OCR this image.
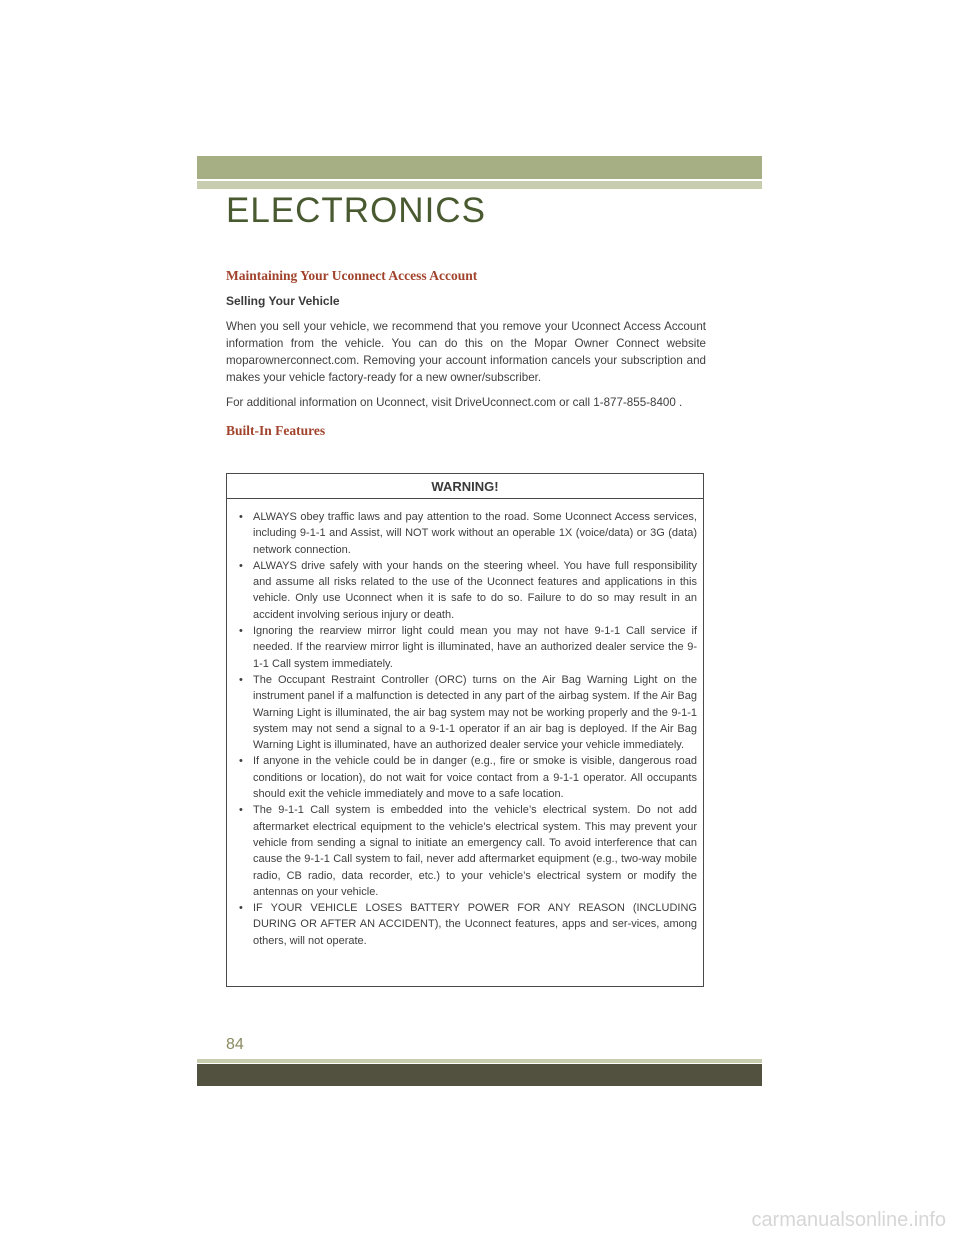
ELECTRONICS
Maintaining Your Uconnect Access Account
Selling Your Vehicle

When you sell your vehicle, we recommend that you remove your Uconnect Access Account information from the vehicle. You can do this on the Mopar Owner Connect website moparownerconnect.com. Removing your account information cancels your subscription and makes your vehicle factory-ready for a new owner/subscriber.

For additional information on Uconnect, visit DriveUconnect.com or call 1-877-855-8400 .

Built-In Features
WARNING!
• ALWAYS obey traffic laws and pay attention to the road. Some Uconnect Access services, including 9-1-1 and Assist, will NOT work without an operable 1X (voice/data) or 3G (data) network connection.
• ALWAYS drive safely with your hands on the steering wheel. You have full responsibility and assume all risks related to the use of the Uconnect features and applications in this vehicle. Only use Uconnect when it is safe to do so. Failure to do so may result in an accident involving serious injury or death.
• Ignoring the rearview mirror light could mean you may not have 9-1-1 Call service if needed. If the rearview mirror light is illuminated, have an authorized dealer service the 9-1-1 Call system immediately.
• The Occupant Restraint Controller (ORC) turns on the Air Bag Warning Light on the instrument panel if a malfunction is detected in any part of the airbag system. If the Air Bag Warning Light is illuminated, the air bag system may not be working properly and the 9-1-1 system may not send a signal to a 9-1-1 operator if an air bag is deployed. If the Air Bag Warning Light is illuminated, have an authorized dealer service your vehicle immediately.
• If anyone in the vehicle could be in danger (e.g., fire or smoke is visible, dangerous road conditions or location), do not wait for voice contact from a 9-1-1 operator. All occupants should exit the vehicle immediately and move to a safe location.
• The 9-1-1 Call system is embedded into the vehicle’s electrical system. Do not add aftermarket electrical equipment to the vehicle’s electrical system. This may prevent your vehicle from sending a signal to initiate an emergency call. To avoid interference that can cause the 9-1-1 Call system to fail, never add aftermarket equipment (e.g., two-way mobile radio, CB radio, data recorder, etc.) to your vehicle’s electrical system or modify the antennas on your vehicle.
• IF YOUR VEHICLE LOSES BATTERY POWER FOR ANY REASON (INCLUDING DURING OR AFTER AN ACCIDENT), the Uconnect features, apps and ser-vices, among others, will not operate.

84

carmanualsonline.info
